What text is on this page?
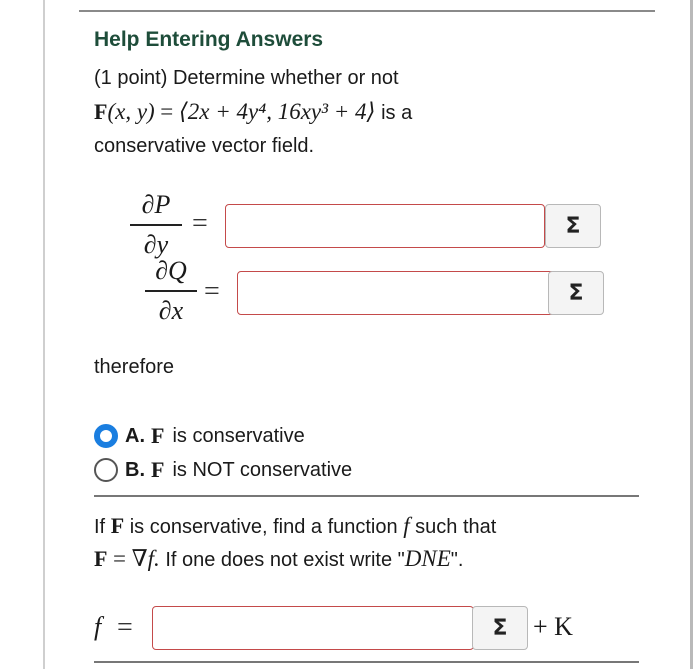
Help Entering Answers
(1 point) Determine whether or not
F(x, y) = ⟨2x + 4y⁴, 16xy³ + 4⟩ is a
conservative vector field.
∂P
∂y
=	Σ
∂Q
∂x
=	Σ
therefore
A. F is conservative
B. F is NOT conservative
If F is conservative, find a function f such that
F = ∇f. If one does not exist write "DNE".
f =	Σ + K
